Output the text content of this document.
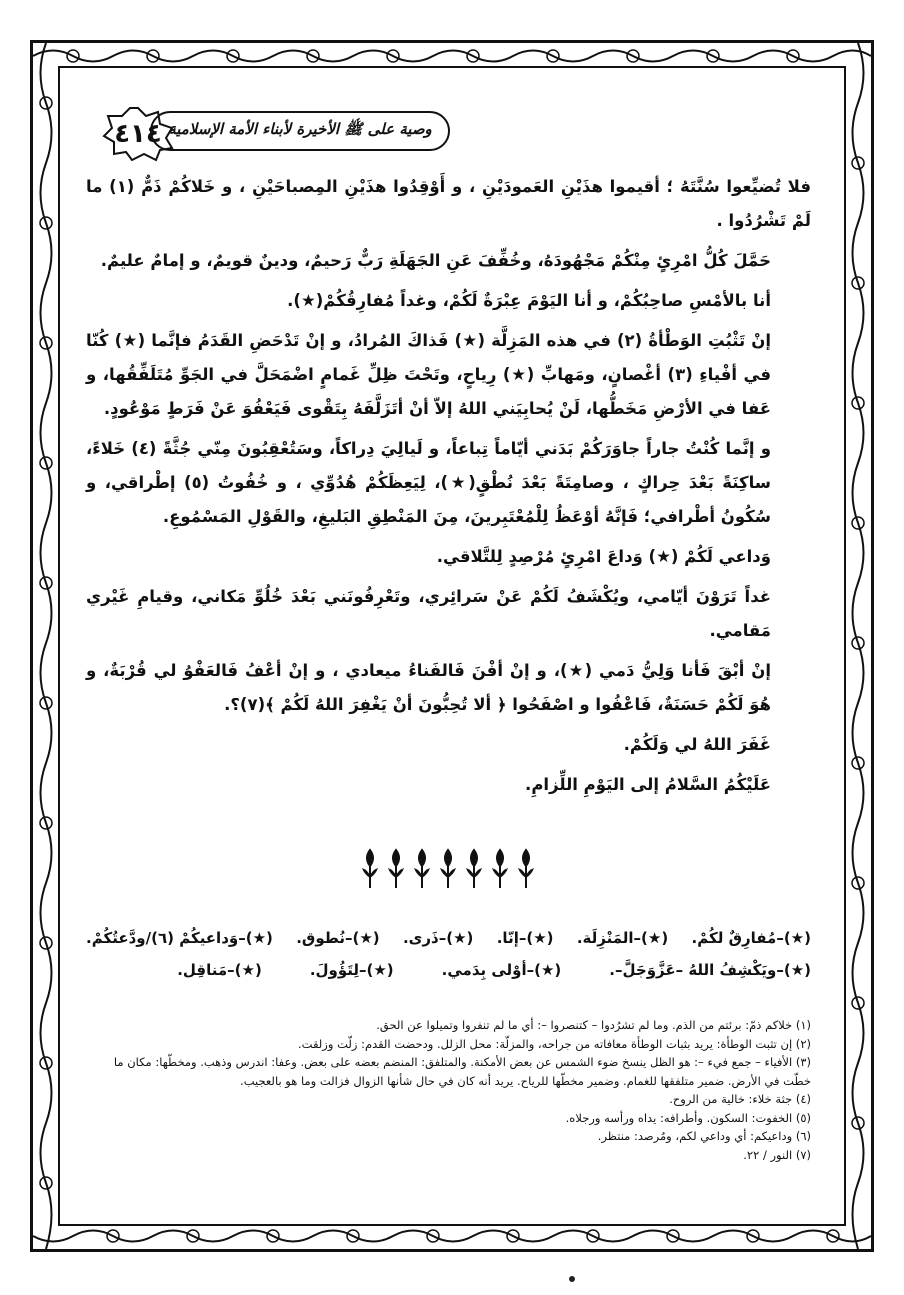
٤١٤ وصية على ﷺ الأخيرة لأبناء الأمة الإسلامية

فلا تُضيِّعوا سُنَّتَهُ ؛ أقيموا هذَيْنِ العَمودَيْنِ ، و أَوْقِدُوا هذَيْنِ المِصباحَيْنِ ، و خَلاكُمْ ذَمٌّ (١) ما لَمْ تَشْرُدُوا .

حَمَّلَ كُلُّ امْرِئٍ مِنْكُمْ مَجْهُودَهُ، وخُفِّفَ عَنِ الجَهَلَةِ رَبٌّ رَحيمٌ، ودينٌ قويمٌ، و إمامٌ عليمٌ.

أنا بالأمْسِ صاحِبُكُمْ، و أنا اليَوْمَ عِبْرَةٌ لَكُمْ، وغداً مُفارِقُكُمْ(★).

إنْ تَثْبُتِ الوَطْأةُ (٢) في هذه المَزِلَّة (★) فَذاكَ المُرادُ، و إنْ تَدْحَضِ القَدَمُ فإنَّما (★) كُنّا في أفْياءِ (٣) أغْصانٍ، ومَهابِّ (★) رِياحٍ، وتَحْتَ ظِلِّ غَمامٍ اضْمَحَلَّ في الجَوِّ مُتَلَفِّقُها، و عَفا في الأرْضِ مَخَطُّها، لَنْ يُحابِيَني اللهُ إلاّ أنْ أتَزَلَّفَهُ بِتَقْوى فَيَعْفُوَ عَنْ فَرَطٍ مَوْعُودٍ.

و إنَّما كُنْتُ جاراً جاوَرَكُمْ بَدَني أيّاماً تِباعاً، و لَيالِيَ دِراكاً، وسَتُعْقِبُونَ مِنّي جُثَّةً (٤) خَلاءً، ساكِنَةً بَعْدَ حِراكٍ ، وصامِتَةً بَعْدَ نُطْقٍ(★)، لِيَعِظَكُمْ هُدُوِّي ، و خُفُوتُ (٥) إطْراقي، و سُكُونُ أطْرافي؛ فَإنَّهُ أوْعَظُ لِلْمُعْتَبِرينَ، مِنَ المَنْطِقِ البَليغِ، والقَوْلِ المَسْمُوعِ.

وَداعي لَكُمْ (★) وَداعَ امْرِئٍ مُرْصِدٍ لِلتَّلاقي.

غداً تَرَوْنَ أيّامي، ويُكْشَفُ لَكُمْ عَنْ سَرائِري، وتَعْرِفُونَني بَعْدَ خُلُوِّ مَكاني، وقيامِ غَيْري مَقامي.

إنْ أبْقَ فَأنا وَلِيُّ دَمي (★)، و إنْ أفْنَ فَالفَناءُ ميعادي ، و إنْ أعْفُ فَالعَفْوُ لي قُرْبَةٌ، و هُوَ لَكُمْ حَسَنَةٌ، فَاعْفُوا و اصْفَحُوا ﴿ ألا تُحِبُّونَ أنْ يَغْفِرَ اللهُ لَكُمْ ﴾(٧)؟.

غَفَرَ اللهُ لي وَلَكُمْ.

عَلَيْكُمُ السَّلامُ إلى اليَوْمِ اللِّزامِ.

(★)–مُفارِقٌ لكُمْ.
(★)–المَنْزِلَة.
(★)–إنّا.
(★)–ذَرى.
(★)–نُطوق.
(★)–وَداعيكُمْ (٦)/ودَّعتُكُمْ.
(★)–ويَكْشِفُ اللهُ –عَزَّوَجَلَّ–.
(★)–أوْلى بِدَمي.
(★)–لِتَؤُولَ.
(★)–مَناقِل.
(١) خلاكم ذمّ: برئتم من الذم. وما لم تشرُدوا – كتنصروا –: أي ما لم تنفروا وتميلوا عن الحق.
(٢) إن تثبت الوطأة: يريد بثبات الوطأة معافاته من جراحه، والمزلّة: محل الزلل. ودحضت القدم: زلّت وزلقت.
(٣) الأفياء – جمع فيء –: هو الظل ينسخ ضوء الشمس عن بعض الأمكنة. والمتلفق: المنضم بعضه على بعض. وعفا: اندرس وذهب. ومخطّها: مكان ما خطّت في الأرض. ضمير متلفقها للغمام. وضمير مخطّها للرياح. يريد أنه كان في حال شأنها الزوال فزالت وما هو بالعجيب.
(٤) جثة خلاء: خالية من الروح.
(٥) الخفوت: السكون. وأطرافه: يداه ورأسه ورجلاه.
(٦) وداعيكم: أي وداعي لكم، ومُرصد: منتظر.
(٧) النور / ٢٢.
